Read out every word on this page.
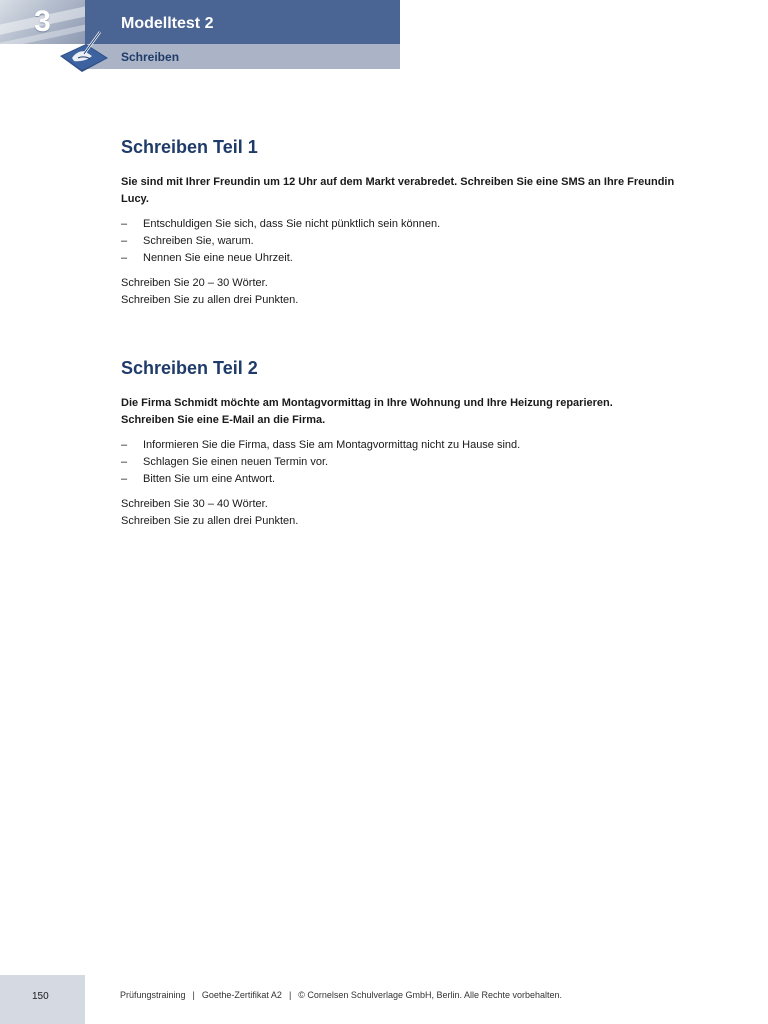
3	Modelltest 2
Schreiben
Schreiben Teil 1

Sie sind mit Ihrer Freundin um 12 Uhr auf dem Markt verabredet. Schreiben Sie eine SMS an Ihre Freundin Lucy.

– Entschuldigen Sie sich, dass Sie nicht pünktlich sein können.
– Schreiben Sie, warum.
– Nennen Sie eine neue Uhrzeit.

Schreiben Sie 20 – 30 Wörter.

Schreiben Sie zu allen drei Punkten.

Schreiben Teil 2

Die Firma Schmidt möchte am Montagvormittag in Ihre Wohnung und Ihre Heizung reparieren.
Schreiben Sie eine E-Mail an die Firma.

– Informieren Sie die Firma, dass Sie am Montagvormittag nicht zu Hause sind.
– Schlagen Sie einen neuen Termin vor.
– Bitten Sie um eine Antwort.

Schreiben Sie 30 – 40 Wörter.

Schreiben Sie zu allen drei Punkten.

150	Prüfungstraining | Goethe-Zertifikat A2 | © Cornelsen Schulverlage GmbH, Berlin. Alle Rechte vorbehalten.
